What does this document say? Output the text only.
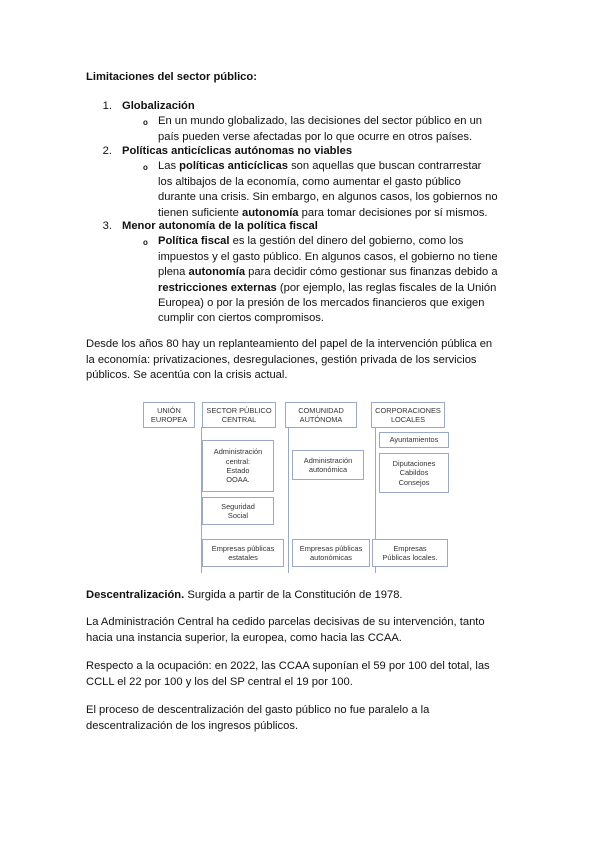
Limitaciones del sector público:
1. Globalización
o En un mundo globalizado, las decisiones del sector público en un
país pueden verse afectadas por lo que ocurre en otros países.
2. Políticas anticíclicas autónomas no viables
o Las políticas anticíclicas son aquellas que buscan contrarrestar
los altibajos de la economía, como aumentar el gasto público
durante una crisis. Sin embargo, en algunos casos, los gobiernos no
tienen suficiente autonomía para tomar decisiones por sí mismos.
3. Menor autonomía de la política fiscal
o Política fiscal es la gestión del dinero del gobierno, como los
impuestos y el gasto público. En algunos casos, el gobierno no tiene
plena autonomía para decidir cómo gestionar sus finanzas debido a
restricciones externas (por ejemplo, las reglas fiscales de la Unión
Europea) o por la presión de los mercados financieros que exigen
cumplir con ciertos compromisos.
Desde los años 80 hay un replanteamiento del papel de la intervención pública en
la economía: privatizaciones, desregulaciones, gestión privada de los servicios
públicos. Se acentúa con la crisis actual.
UNIÓN
EUROPEA
SECTOR PÚBLICO
CENTRAL
COMUNIDAD
AUTÓNOMA
CORPORACIONES
LOCALES
Administración
central:
Estado
OOAA.
Seguridad
Social
Empresas públicas
estatales
Administración
autonómica
Empresas públicas
autonómicas
Ayuntamientos
Diputaciones
Cabildos
Consejos
Empresas
Públicas locales.
Descentralización. Surgida a partir de la Constitución de 1978.
La Administración Central ha cedido parcelas decisivas de su intervención, tanto
hacia una instancia superior, la europea, como hacia las CCAA.
Respecto a la ocupación: en 2022, las CCAA suponían el 59 por 100 del total, las
CCLL el 22 por 100 y los del SP central el 19 por 100.
El proceso de descentralización del gasto público no fue paralelo a la
descentralización de los ingresos públicos.
